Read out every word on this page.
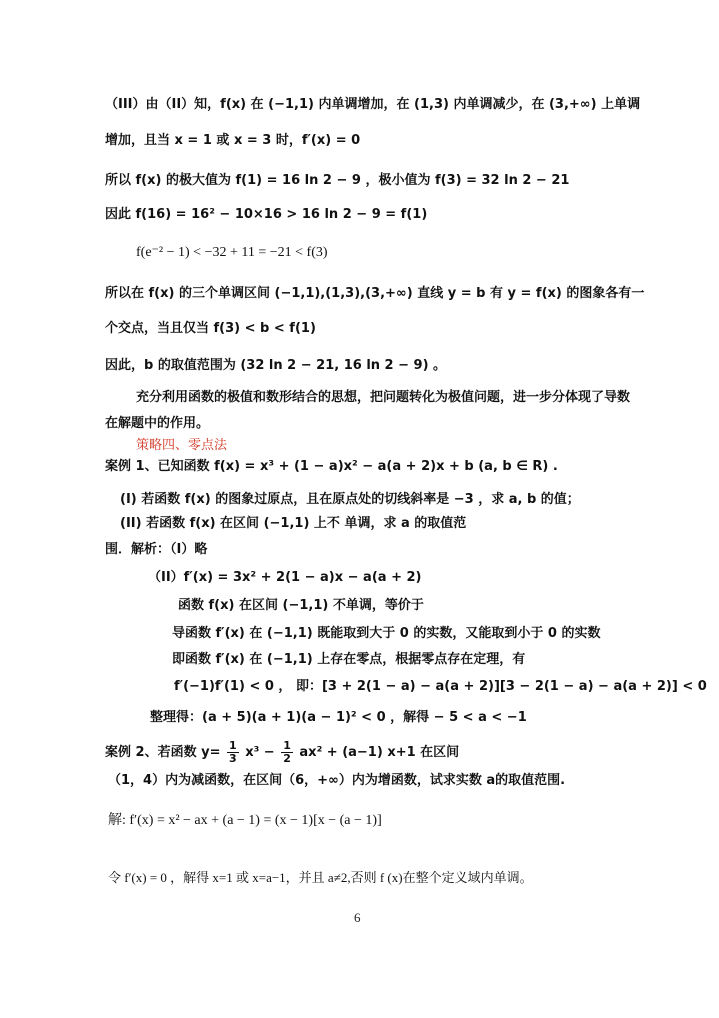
（III）由（II）知，f(x) 在 (−1,1) 内单调增加，在 (1,3) 内单调减少，在 (3,+∞) 上单调
增加，且当 x = 1 或 x = 3 时，f′(x) = 0
所以 f(x) 的极大值为 f(1) = 16 ln 2 − 9 ，极小值为 f(3) = 32 ln 2 − 21
因此 f(16) = 16² − 10×16 > 16 ln 2 − 9 = f(1)
f(e⁻² − 1) < −32 + 11 = −21 < f(3)
所以在 f(x) 的三个单调区间 (−1,1),(1,3),(3,+∞) 直线 y = b 有 y = f(x) 的图象各有一
个交点，当且仅当 f(3) < b < f(1)
因此，b 的取值范围为 (32 ln 2 − 21, 16 ln 2 − 9) 。
充分利用函数的极值和数形结合的思想，把问题转化为极值问题，进一步分体现了导数
在解题中的作用。
策略四、零点法
案例 1、已知函数 f(x) = x³ + (1 − a)x² − a(a + 2)x + b (a, b ∈ R) .
(I) 若函数 f(x) 的图象过原点，且在原点处的切线斜率是 −3 ，求 a, b 的值；
(II) 若函数 f(x) 在区间 (−1,1) 上不 单调，求 a 的取值范
围．解析：（I）略
（II）f′(x) = 3x² + 2(1 − a)x − a(a + 2)
函数 f(x) 在区间 (−1,1) 不单调，等价于
导函数 f′(x) 在 (−1,1) 既能取到大于 0 的实数，又能取到小于 0 的实数
即函数 f′(x) 在 (−1,1) 上存在零点，根据零点存在定理，有
f′(−1)f′(1) < 0 ， 即：[3 + 2(1 − a) − a(a + 2)][3 − 2(1 − a) − a(a + 2)] < 0
整理得：(a + 5)(a + 1)(a − 1)² < 0 ，解得 − 5 < a < −1
案例 2、若函数 $y= \frac{1}{3} x^3 - \frac{1}{2} ax^2 + (a-1)$ x+1 在区间
（1，4）内为减函数，在区间（6，+∞）内为增函数，试求实数 a的取值范围.
解: f′(x) = x² − ax + (a − 1) = (x − 1)[x − (a − 1)]
令 f′(x) = 0 ，解得 x=1 或 x=a−1，并且 a≠2,否则 f (x)在整个定义域内单调。
6
